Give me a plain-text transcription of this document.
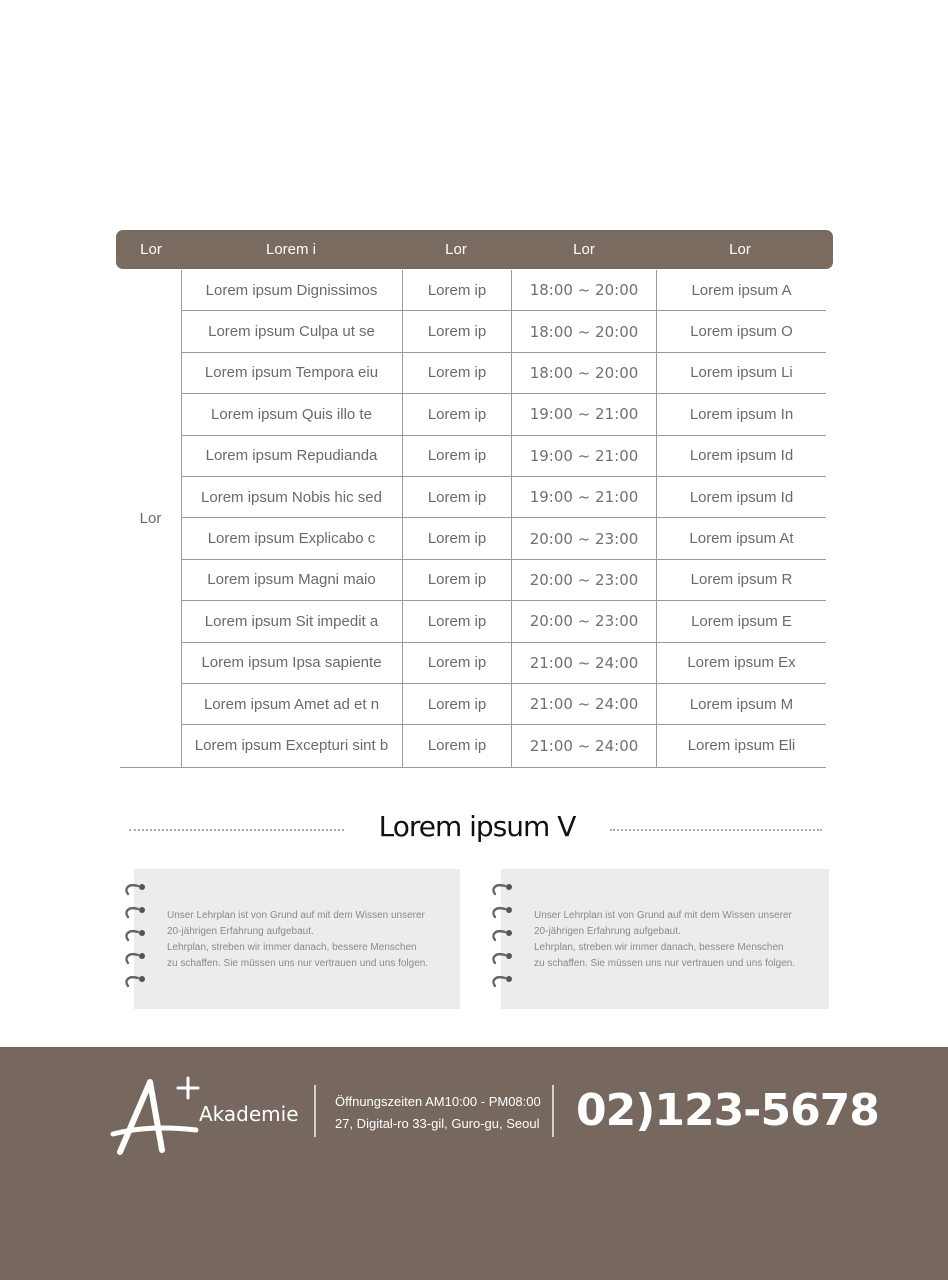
Lor	Lorem i	Lor	Lor	Lor
Lor
Lorem ipsum Dignissimos	Lorem ip	18:00 ~ 20:00	Lorem ipsum A
Lorem ipsum Culpa ut se	Lorem ip	18:00 ~ 20:00	Lorem ipsum O
Lorem ipsum Tempora eiu	Lorem ip	18:00 ~ 20:00	Lorem ipsum Li
Lorem ipsum Quis illo te	Lorem ip	19:00 ~ 21:00	Lorem ipsum In
Lorem ipsum Repudianda	Lorem ip	19:00 ~ 21:00	Lorem ipsum Id
Lorem ipsum Nobis hic sed	Lorem ip	19:00 ~ 21:00	Lorem ipsum Id
Lorem ipsum Explicabo c	Lorem ip	20:00 ~ 23:00	Lorem ipsum At
Lorem ipsum Magni maio	Lorem ip	20:00 ~ 23:00	Lorem ipsum R
Lorem ipsum Sit impedit a	Lorem ip	20:00 ~ 23:00	Lorem ipsum E
Lorem ipsum Ipsa sapiente	Lorem ip	21:00 ~ 24:00	Lorem ipsum Ex
Lorem ipsum Amet ad et n	Lorem ip	21:00 ~ 24:00	Lorem ipsum M
Lorem ipsum Excepturi sint b	Lorem ip	21:00 ~ 24:00	Lorem ipsum Eli
Lorem ipsum V
Unser Lehrplan ist von Grund auf mit dem Wissen unserer
20-jährigen Erfahrung aufgebaut.
Lehrplan, streben wir immer danach, bessere Menschen
zu schaffen. Sie müssen uns nur vertrauen und uns folgen.
Unser Lehrplan ist von Grund auf mit dem Wissen unserer
20-jährigen Erfahrung aufgebaut.
Lehrplan, streben wir immer danach, bessere Menschen
zu schaffen. Sie müssen uns nur vertrauen und uns folgen.
Akademie
Öffnungszeiten AM10:00 - PM08:00
27, Digital-ro 33-gil, Guro-gu, Seoul 02)123-5678
